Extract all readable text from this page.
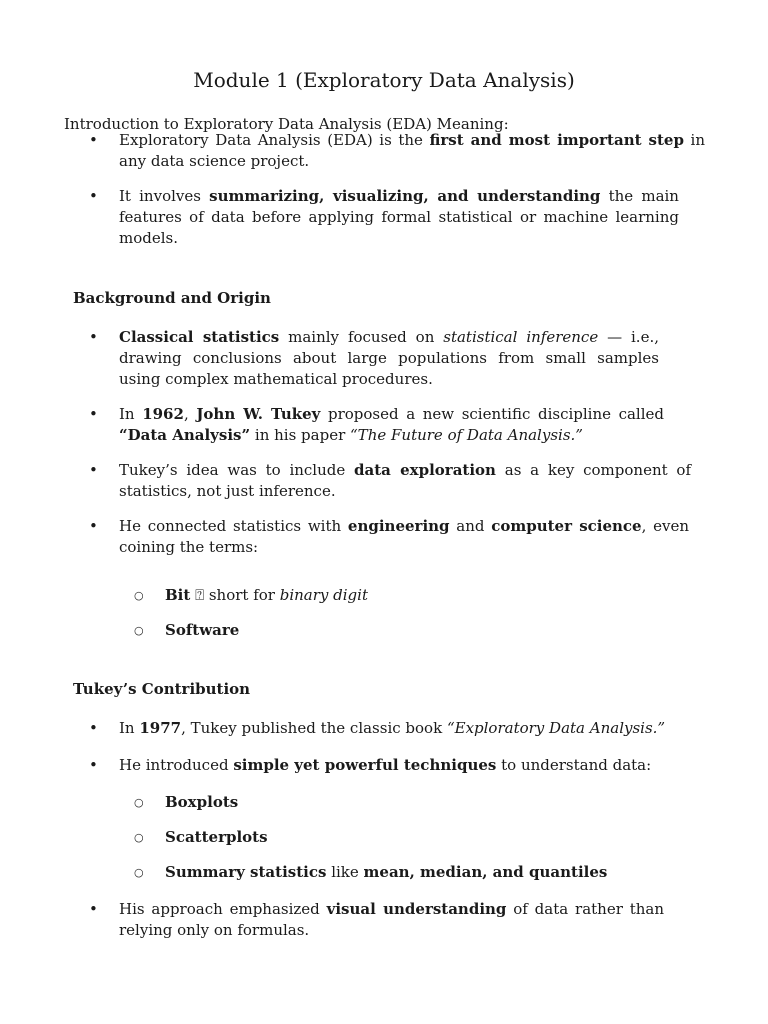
Module 1 (Exploratory Data Analysis)
Introduction to Exploratory Data Analysis (EDA) Meaning:
• Exploratory Data Analysis (EDA) is the first and most important step in any data science project.
• It involves summarizing, visualizing, and understanding the main features of data before applying formal statistical or machine learning models.
Background and Origin
• Classical statistics mainly focused on statistical inference — i.e., drawing conclusions about large populations from small samples using complex mathematical procedures.
• In 1962, John W. Tukey proposed a new scientific discipline called “Data Analysis” in his paper “The Future of Data Analysis.”
• Tukey’s idea was to include data exploration as a key component of statistics, not just inference.
• He connected statistics with engineering and computer science, even coining the terms:
○ Bit ⍰ short for binary digit
○ Software
Tukey’s Contribution
• In 1977, Tukey published the classic book “Exploratory Data Analysis.”
• He introduced simple yet powerful techniques to understand data:
○ Boxplots
○ Scatterplots
○ Summary statistics like mean, median, and quantiles
• His approach emphasized visual understanding of data rather than relying only on formulas.
